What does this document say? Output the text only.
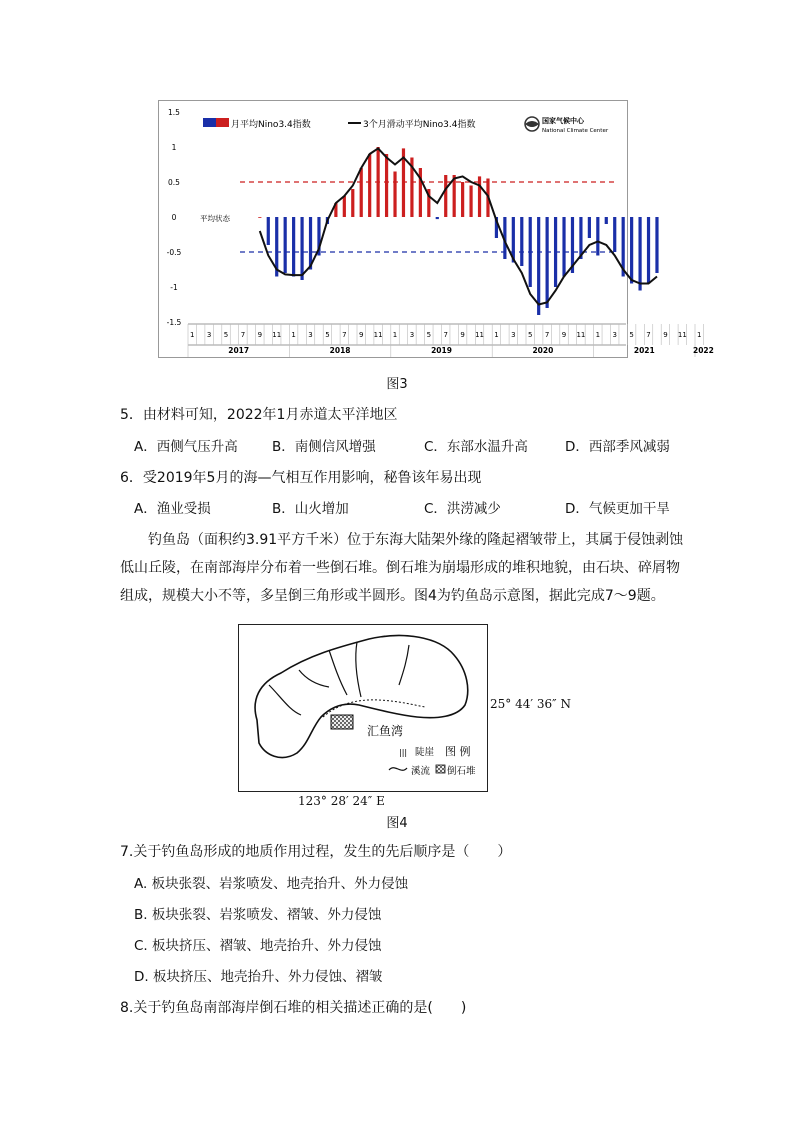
1.5
1
0.5
0
-0.5
-1
-1.5
1 3 5 7 9 11 1 3 5 7 9 11 1 3 5 7 9 11 1 3 5 7 9 11 1 3 5 7 9 11 1
2017	2018	2019	2020	2021	2022
月平均Nino3.4指数	3个月滑动平均Nino3.4指数	国家气候中心
National Climate Center
平均状态
图3
5．由材料可知，2022年1月赤道太平洋地区
A．西侧气压升高	B．南侧信风增强	C．东部水温升高	D．西部季风减弱
6．受2019年5月的海—气相互作用影响，秘鲁该年易出现
A．渔业受损	B．山火增加	C．洪涝减少	D．气候更加干旱
钓鱼岛（面积约3.91平方千米）位于东海大陆架外缘的隆起褶皱带上，其属于侵蚀剥蚀低山丘陵，在南部海岸分布着一些倒石堆。倒石堆为崩塌形成的堆积地貌，由石块、碎屑物组成，规模大小不等，多呈倒三角形或半圆形。图4为钓鱼岛示意图，据此完成7～9题。
汇鱼湾
||| 陡崖 图 例
溪流 倒石堆
25° 44′ 36″ N
123° 28′ 24″ E
图4
7.关于钓鱼岛形成的地质作用过程，发生的先后顺序是（　　）
A. 板块张裂、岩浆喷发、地壳抬升、外力侵蚀
B. 板块张裂、岩浆喷发、褶皱、外力侵蚀
C. 板块挤压、褶皱、地壳抬升、外力侵蚀
D. 板块挤压、地壳抬升、外力侵蚀、褶皱
8.关于钓鱼岛南部海岸倒石堆的相关描述正确的是(　　)
